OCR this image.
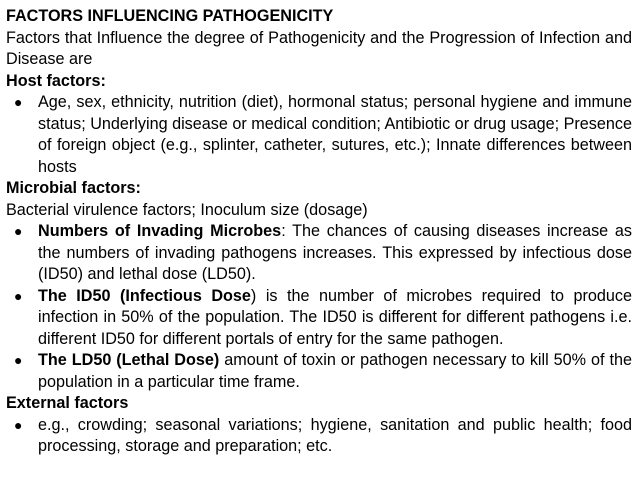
FACTORS INFLUENCING PATHOGENICITY
Factors that Influence the degree of Pathogenicity and the Progression of Infection and Disease are
Host factors:
● Age, sex, ethnicity, nutrition (diet), hormonal status; personal hygiene and immune status; Underlying disease or medical condition; Antibiotic or drug usage; Presence of foreign object (e.g., splinter, catheter, sutures, etc.); Innate differences between hosts
Microbial factors:
Bacterial virulence factors; Inoculum size (dosage)
● Numbers of Invading Microbes: The chances of causing diseases increase as the numbers of invading pathogens increases. This expressed by infectious dose (ID50) and lethal dose (LD50).
● The ID50 (Infectious Dose) is the number of microbes required to produce infection in 50% of the population. The ID50 is different for different pathogens i.e. different ID50 for different portals of entry for the same pathogen.
● The LD50 (Lethal Dose) amount of toxin or pathogen necessary to kill 50% of the population in a particular time frame.
External factors
● e.g., crowding; seasonal variations; hygiene, sanitation and public health; food processing, storage and preparation; etc.
